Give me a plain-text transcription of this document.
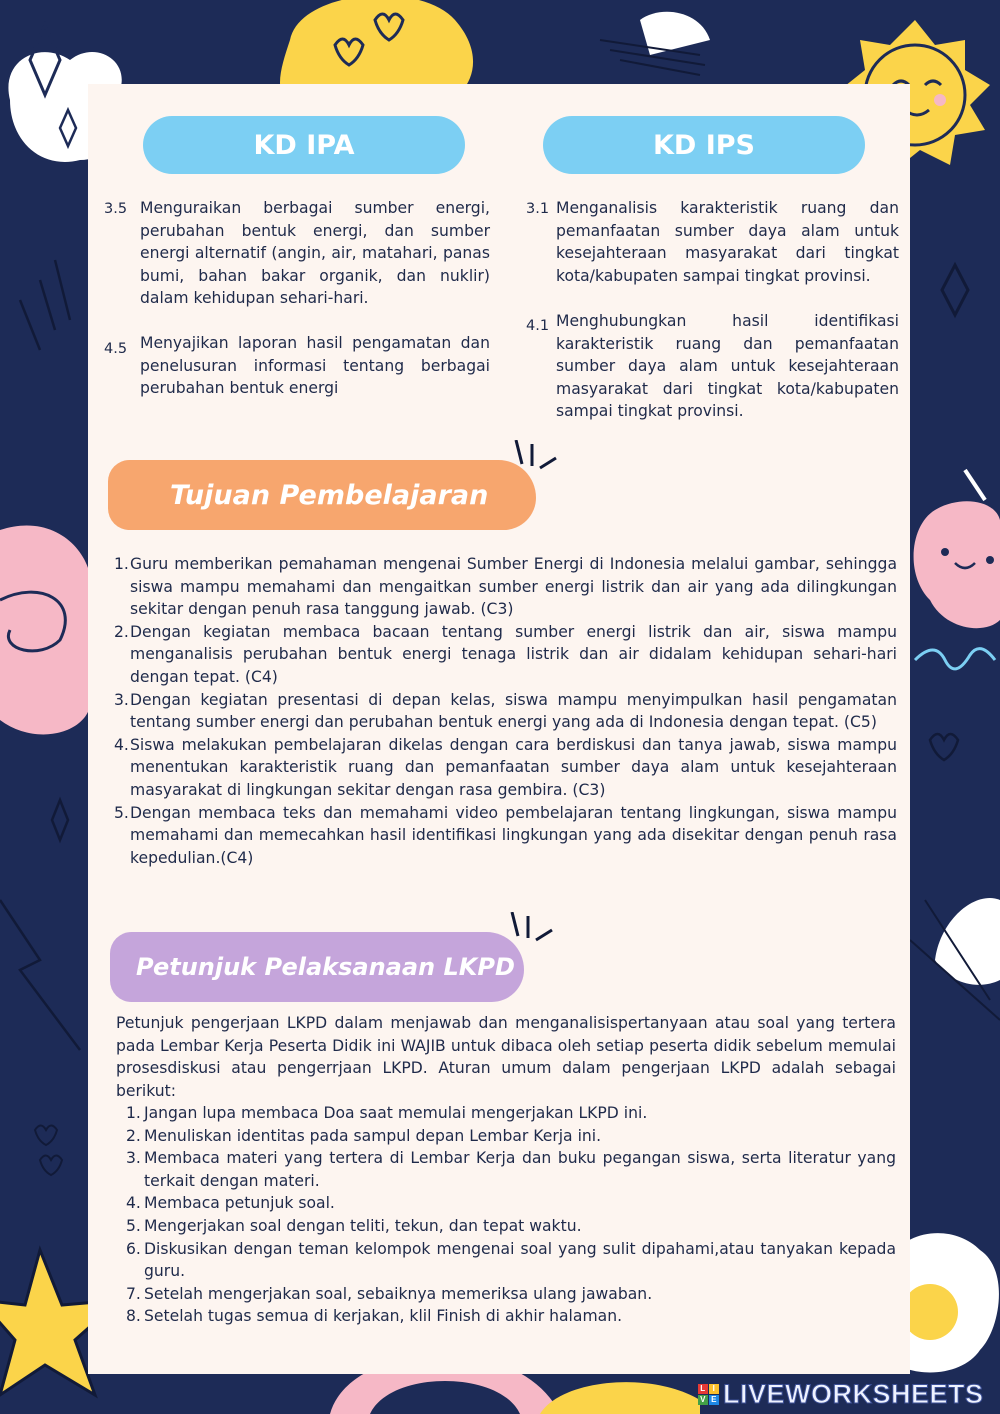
KD IPA
3.5 Menguraikan berbagai sumber energi, perubahan bentuk energi, dan sumber energi alternatif (angin, air, matahari, panas bumi, bahan bakar organik, dan nuklir) dalam kehidupan sehari-hari.
4.5 Menyajikan laporan hasil pengamatan dan penelusuran informasi tentang berbagai perubahan bentuk energi
KD IPS
3.1 Menganalisis karakteristik ruang dan pemanfaatan sumber daya alam untuk kesejahteraan masyarakat dari tingkat kota/kabupaten sampai tingkat provinsi.
4.1 Menghubungkan hasil identifikasi karakteristik ruang dan pemanfaatan sumber daya alam untuk kesejahteraan masyarakat dari tingkat kota/kabupaten sampai tingkat provinsi.
Tujuan Pembelajaran
1. Guru memberikan pemahaman mengenai Sumber Energi di Indonesia melalui gambar, sehingga siswa mampu memahami dan mengaitkan sumber energi listrik dan air yang ada dilingkungan sekitar dengan penuh rasa tanggung jawab. (C3)
2. Dengan kegiatan membaca bacaan tentang sumber energi listrik dan air, siswa mampu menganalisis perubahan bentuk energi tenaga listrik dan air didalam kehidupan sehari-hari dengan tepat. (C4)
3. Dengan kegiatan presentasi di depan kelas, siswa mampu menyimpulkan hasil pengamatan tentang sumber energi dan perubahan bentuk energi yang ada di Indonesia dengan tepat. (C5)
4. Siswa melakukan pembelajaran dikelas dengan cara berdiskusi dan tanya jawab, siswa mampu menentukan karakteristik ruang dan pemanfaatan sumber daya alam untuk kesejahteraan masyarakat di lingkungan sekitar dengan rasa gembira. (C3)
5. Dengan membaca teks dan memahami video pembelajaran tentang lingkungan, siswa mampu memahami dan memecahkan hasil identifikasi lingkungan yang ada disekitar dengan penuh rasa kepedulian.(C4)
Petunjuk Pelaksanaan LKPD
Petunjuk pengerjaan LKPD dalam menjawab dan menganalisispertanyaan atau soal yang tertera pada Lembar Kerja Peserta Didik ini WAJIB untuk dibaca oleh setiap peserta didik sebelum memulai prosesdiskusi atau pengerrjaan LKPD. Aturan umum dalam pengerjaan LKPD adalah sebagai berikut:
1. Jangan lupa membaca Doa saat memulai mengerjakan LKPD ini.
2. Menuliskan identitas pada sampul depan Lembar Kerja ini.
3. Membaca materi yang tertera di Lembar Kerja dan buku pegangan siswa, serta literatur yang terkait dengan materi.
4. Membaca petunjuk soal.
5. Mengerjakan soal dengan teliti, tekun, dan tepat waktu.
6. Diskusikan dengan teman kelompok mengenai soal yang sulit dipahami,atau tanyakan kepada guru.
7. Setelah mengerjakan soal, sebaiknya memeriksa ulang jawaban.
8. Setelah tugas semua di kerjakan, klil Finish di akhir halaman.
L I
V E LIVEWORKSHEETS
